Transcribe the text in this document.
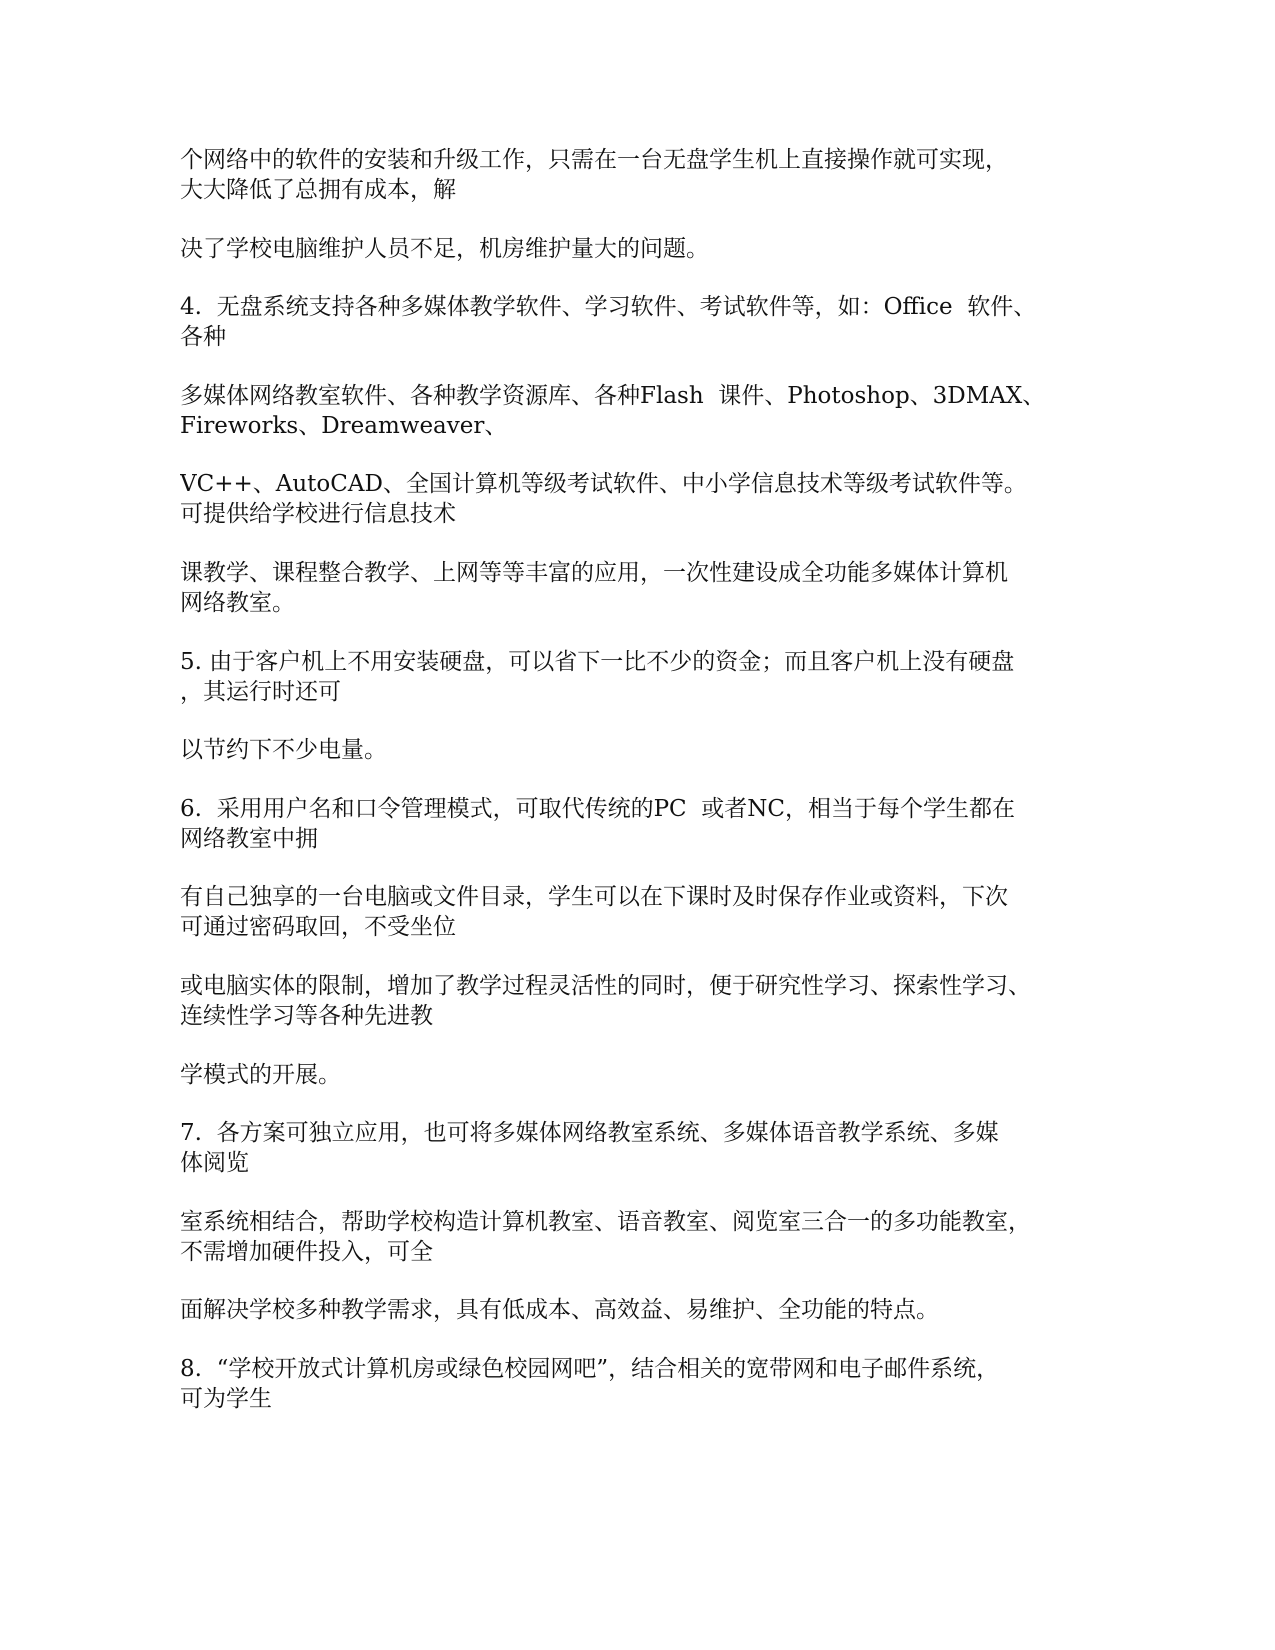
个网络中的软件的安装和升级工作，只需在一台无盘学生机上直接操作就可实现，
大大降低了总拥有成本，解

决了学校电脑维护人员不足，机房维护量大的问题。

4.  无盘系统支持各种多媒体教学软件、学习软件、考试软件等，如：Office  软件、
各种

多媒体网络教室软件、各种教学资源库、各种Flash  课件、Photoshop、3DMAX、
Fireworks、Dreamweaver、

VC++、AutoCAD、全国计算机等级考试软件、中小学信息技术等级考试软件等。
可提供给学校进行信息技术

课教学、课程整合教学、上网等等丰富的应用，一次性建设成全功能多媒体计算机
网络教室。

5. 由于客户机上不用安装硬盘，可以省下一比不少的资金；而且客户机上没有硬盘
，其运行时还可

以节约下不少电量。

6.  采用用户名和口令管理模式，可取代传统的PC  或者NC，相当于每个学生都在
网络教室中拥

有自己独享的一台电脑或文件目录，学生可以在下课时及时保存作业或资料，下次
可通过密码取回，不受坐位

或电脑实体的限制，增加了教学过程灵活性的同时，便于研究性学习、探索性学习、
连续性学习等各种先进教

学模式的开展。

7.  各方案可独立应用，也可将多媒体网络教室系统、多媒体语音教学系统、多媒
体阅览

室系统相结合，帮助学校构造计算机教室、语音教室、阅览室三合一的多功能教室，
不需增加硬件投入，可全

面解决学校多种教学需求，具有低成本、高效益、易维护、全功能的特点。

8.  “学校开放式计算机房或绿色校园网吧”，结合相关的宽带网和电子邮件系统，
可为学生
